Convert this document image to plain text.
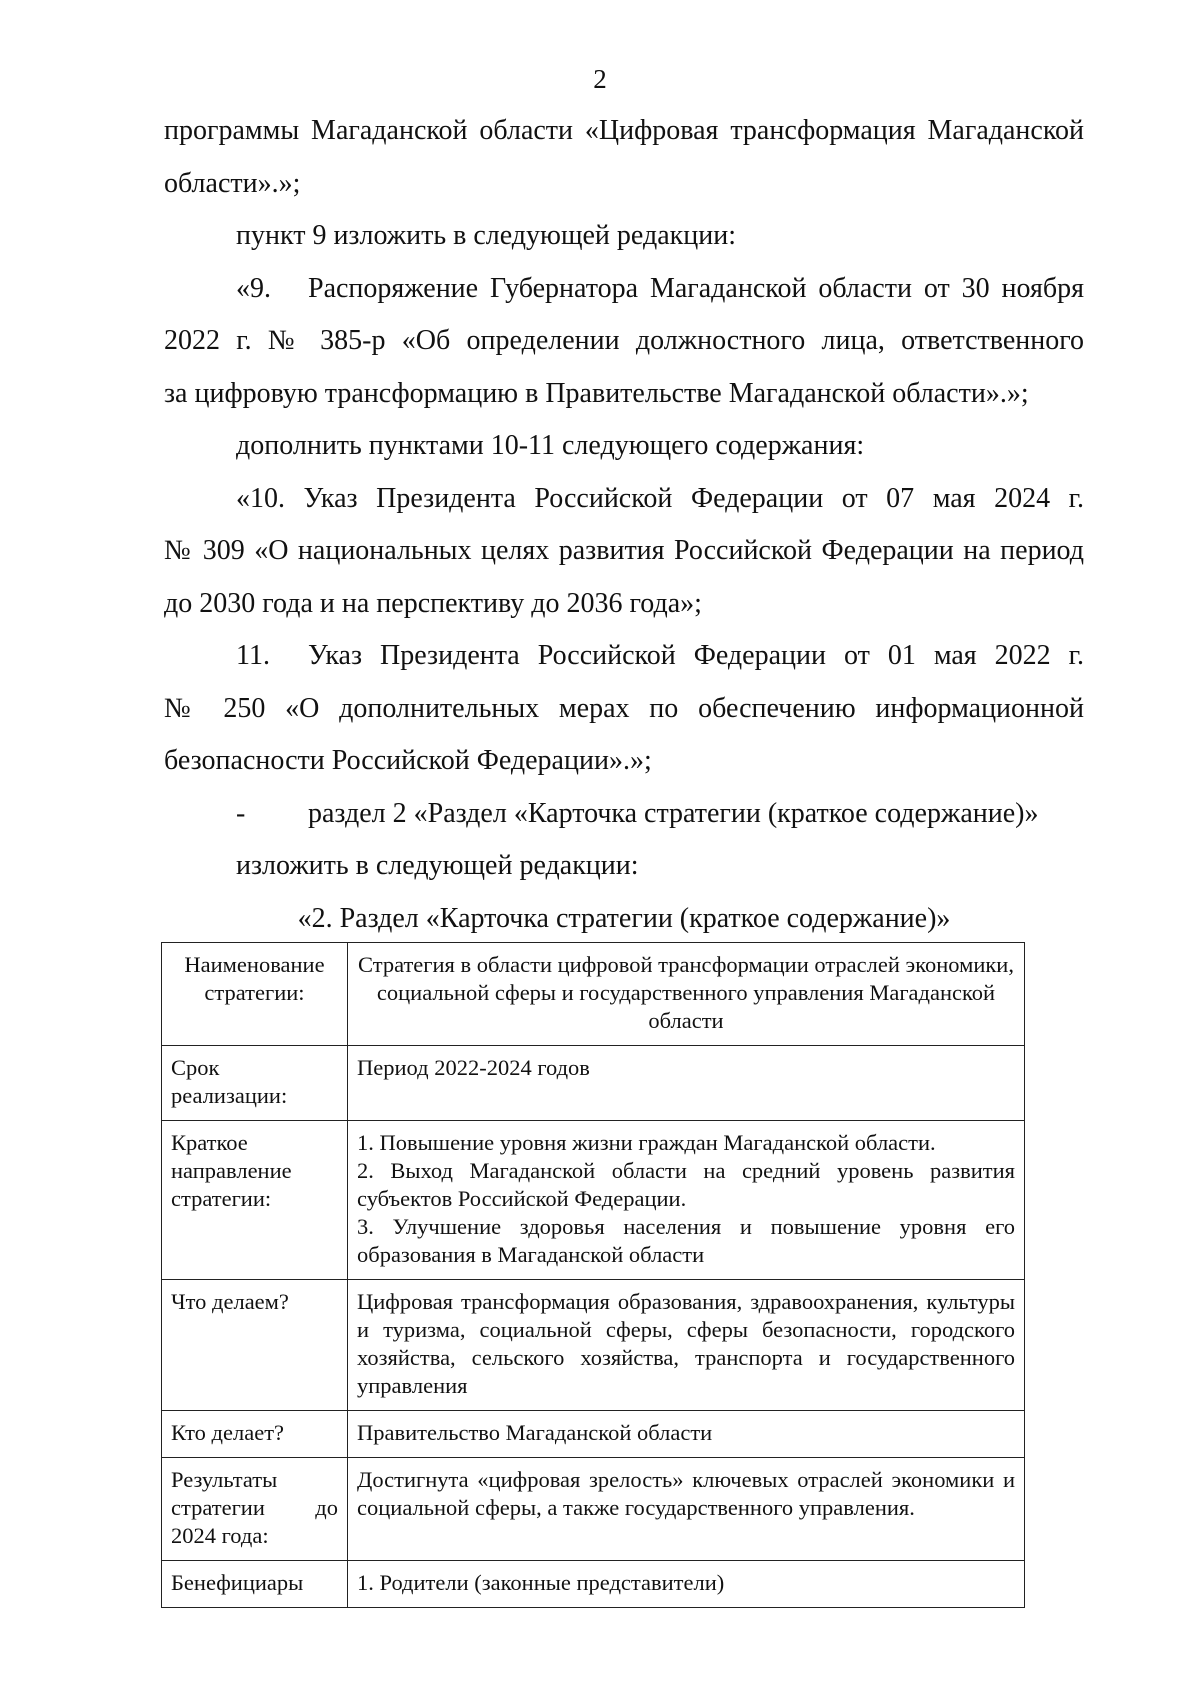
2

программы Магаданской области «Цифровая трансформация Магаданской

области».»;

пункт 9 изложить в следующей редакции:

«9.	Распоряжение Губернатора Магаданской области от 30 ноября

2022 г. № 385-р «Об определении должностного лица, ответственного

за цифровую трансформацию в Правительстве Магаданской области».»;

дополнить пунктами 10-11 следующего содержания:

«10. Указ Президента Российской Федерации от 07 мая 2024 г.

№ 309 «О национальных целях развития Российской Федерации на период

до 2030 года и на перспективу до 2036 года»;

11.	Указ Президента Российской Федерации от 01 мая 2022 г.

№ 250 «О дополнительных мерах по обеспечению информационной

безопасности Российской Федерации».»;

-	раздел 2 «Раздел «Карточка стратегии (краткое содержание)»

изложить в следующей редакции:

«2. Раздел «Карточка стратегии (краткое содержание)»

Наименование стратегии:	Стратегия в области цифровой трансформации отраслей экономики, социальной сферы и государственного управления Магаданской области
Срок реализации:	Период 2022-2024 годов
Краткое направление стратегии:	1. Повышение уровня жизни граждан Магаданской области.
2. Выход Магаданской области на средний уровень развития субъектов Российской Федерации.
3. Улучшение здоровья населения и повышение уровня его образования в Магаданской области

Что делаем?	Цифровая трансформация образования, здравоохранения, культуры и туризма, социальной сферы, сферы безопасности, городского хозяйства, сельского хозяйства, транспорта и государственного управления
Кто делает?	Правительство Магаданской области
Результаты стратегии до 2024 года:	Достигнута «цифровая зрелость» ключевых отраслей экономики и социальной сферы, а также государственного управления.
Бенефициары	1. Родители (законные представители)
